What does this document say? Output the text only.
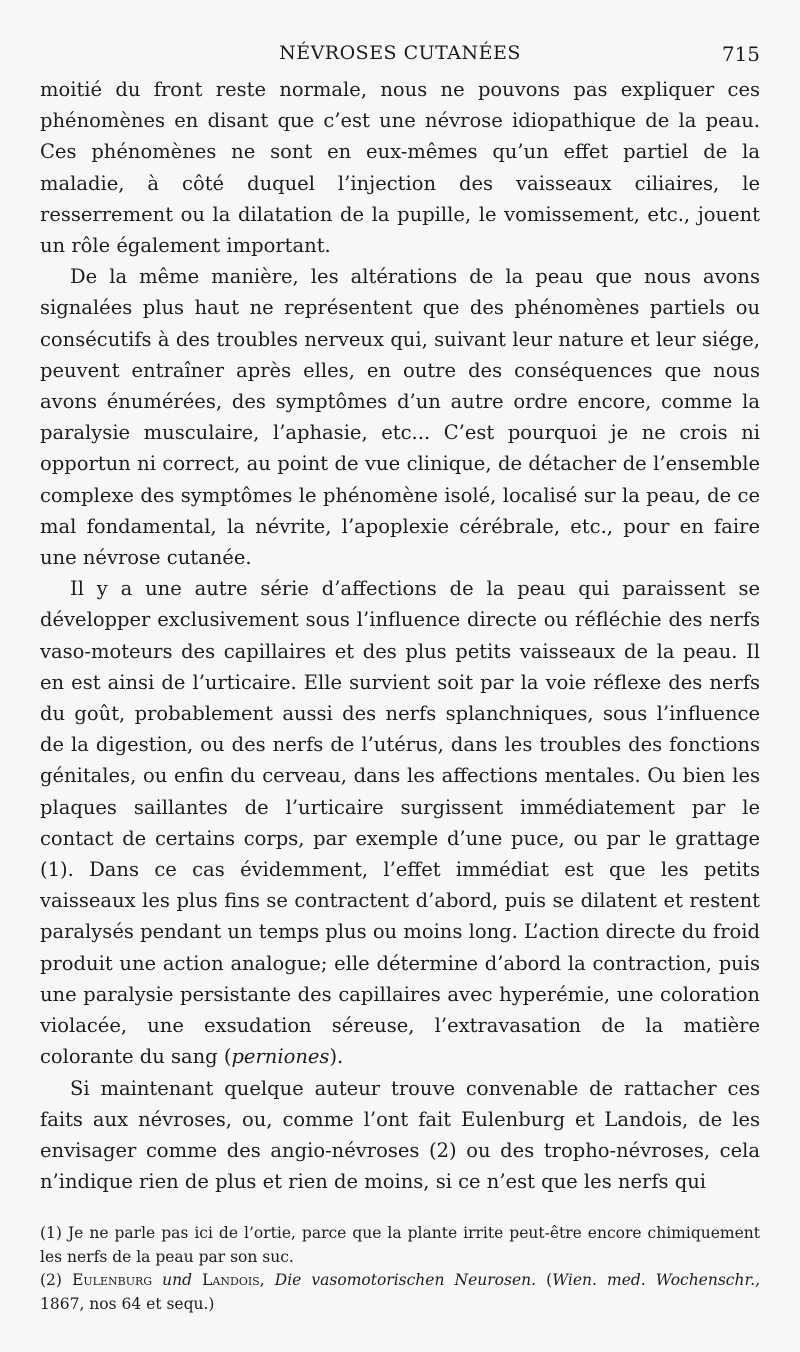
NÉVROSES CUTANÉES	715

moitié du front reste normale, nous ne pouvons pas expliquer ces phénomènes en disant que c’est une névrose idiopathique de la peau. Ces phénomènes ne sont en eux-mêmes qu’un effet partiel de la maladie, à côté duquel l’injection des vaisseaux ciliaires, le resserrement ou la dilatation de la pupille, le vomissement, etc., jouent un rôle également important.

De la même manière, les altérations de la peau que nous avons signalées plus haut ne représentent que des phénomènes partiels ou consécutifs à des troubles nerveux qui, suivant leur nature et leur siége, peuvent entraîner après elles, en outre des conséquences que nous avons énumérées, des symptômes d’un autre ordre encore, comme la paralysie musculaire, l’aphasie, etc... C’est pourquoi je ne crois ni opportun ni correct, au point de vue clinique, de détacher de l’ensemble complexe des symptômes le phénomène isolé, localisé sur la peau, de ce mal fondamental, la névrite, l’apoplexie cérébrale, etc., pour en faire une névrose cutanée.

Il y a une autre série d’affections de la peau qui paraissent se développer exclusivement sous l’influence directe ou réfléchie des nerfs vaso-moteurs des capillaires et des plus petits vaisseaux de la peau. Il en est ainsi de l’urticaire. Elle survient soit par la voie réflexe des nerfs du goût, probablement aussi des nerfs splanchniques, sous l’influence de la digestion, ou des nerfs de l’utérus, dans les troubles des fonctions génitales, ou enfin du cerveau, dans les affections mentales. Ou bien les plaques saillantes de l’urticaire surgissent immédiatement par le contact de certains corps, par exemple d’une puce, ou par le grattage (1). Dans ce cas évidemment, l’effet immédiat est que les petits vaisseaux les plus fins se contractent d’abord, puis se dilatent et restent paralysés pendant un temps plus ou moins long. L’action directe du froid produit une action analogue; elle détermine d’abord la contraction, puis une paralysie persistante des capillaires avec hyperémie, une coloration violacée, une exsudation séreuse, l’extravasation de la matière colorante du sang (perniones).

Si maintenant quelque auteur trouve convenable de rattacher ces faits aux névroses, ou, comme l’ont fait Eulenburg et Landois, de les envisager comme des angio-névroses (2) ou des tropho-névroses, cela n’indique rien de plus et rien de moins, si ce n’est que les nerfs qui

(1) Je ne parle pas ici de l’ortie, parce que la plante irrite peut-être encore chimiquement les nerfs de la peau par son suc.

(2) Eulenburg und Landois, Die vasomotorischen Neurosen. (Wien. med. Wochenschr., 1867, nos 64 et sequ.)
